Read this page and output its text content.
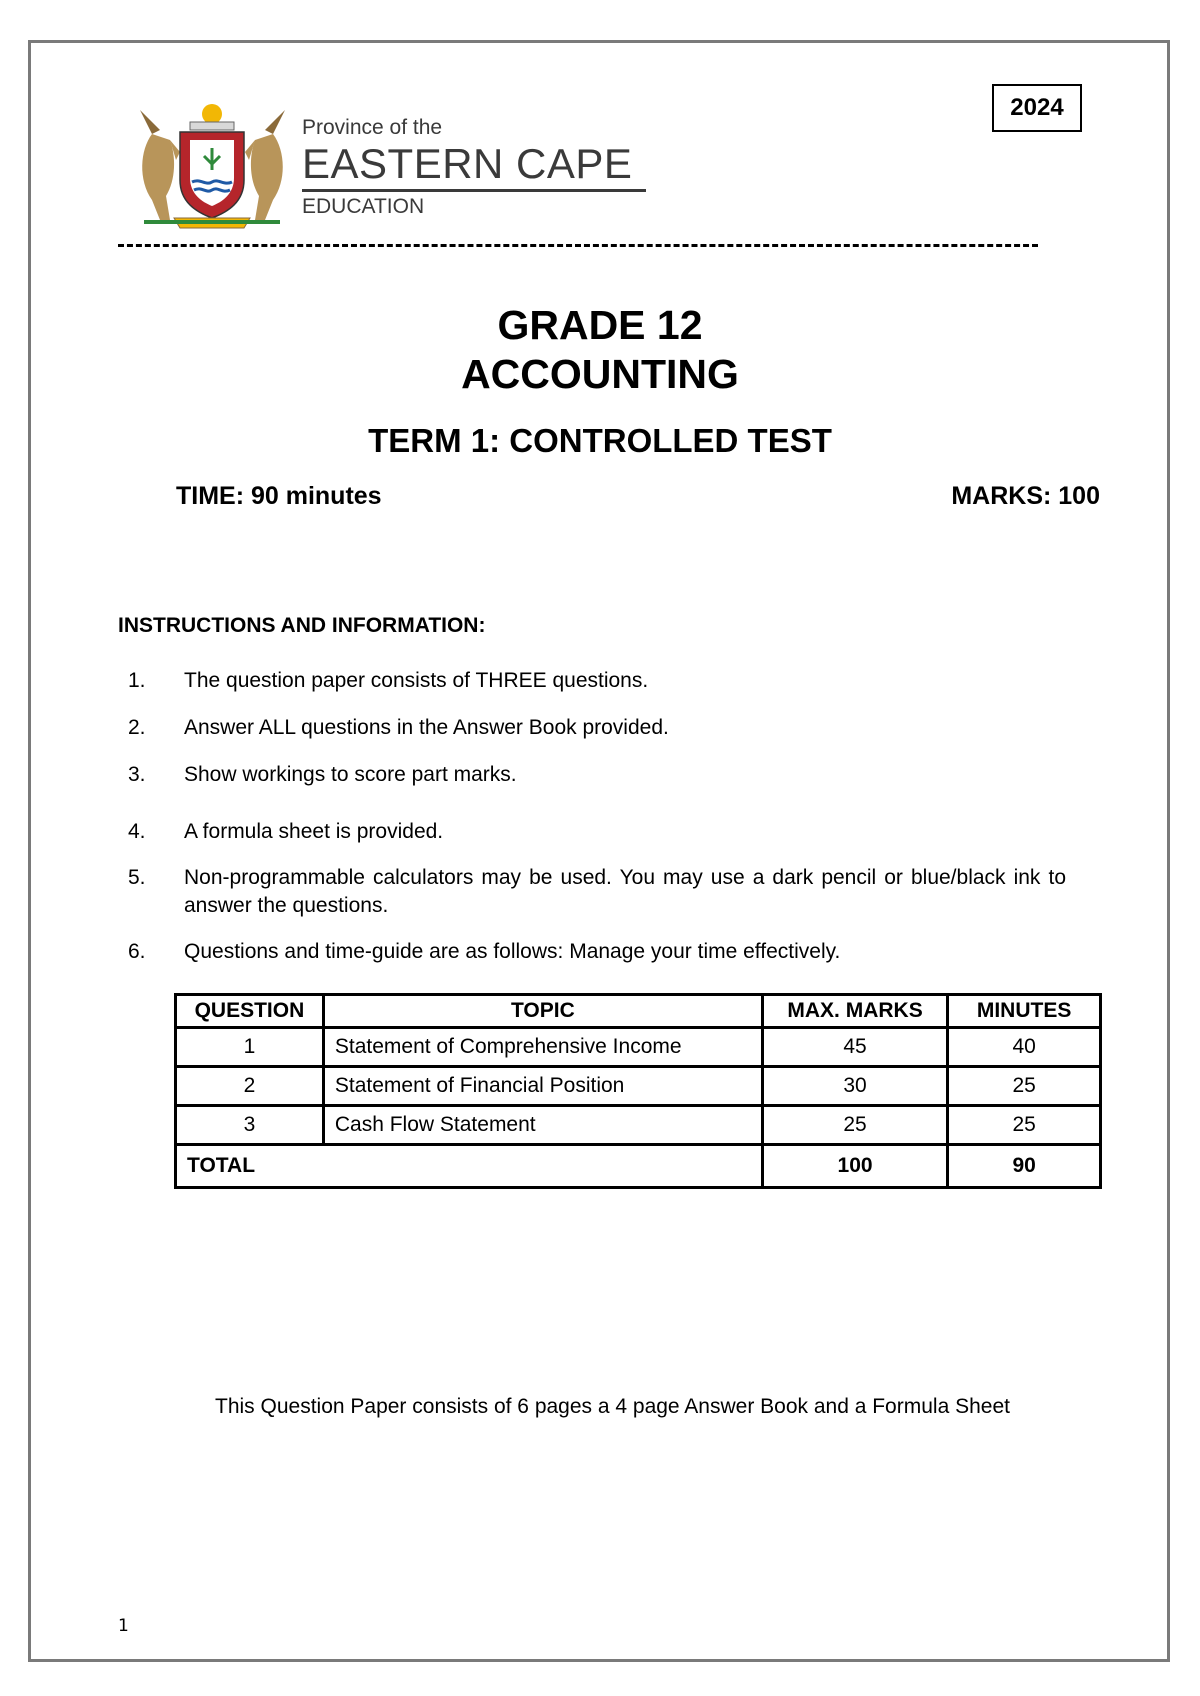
2024
Province of the
EASTERN CAPE
EDUCATION
GRADE 12
ACCOUNTING
TERM 1: CONTROLLED TEST
TIME: 90 minutes	MARKS: 100
INSTRUCTIONS AND INFORMATION:
1. The question paper consists of THREE questions.
2. Answer ALL questions in the Answer Book provided.
3. Show workings to score part marks.
4. A formula sheet is provided.
5. Non-programmable calculators may be used. You may use a dark pencil or blue/black ink to answer the questions.
6. Questions and time-guide are as follows: Manage your time effectively.
QUESTION	TOPIC	MAX. MARKS	MINUTES
1	Statement of Comprehensive Income	45	40
2	Statement of Financial Position	30	25
3	Cash Flow Statement	25	25
TOTAL		100	90
This Question Paper consists of 6 pages a 4 page Answer Book and a Formula Sheet
1
